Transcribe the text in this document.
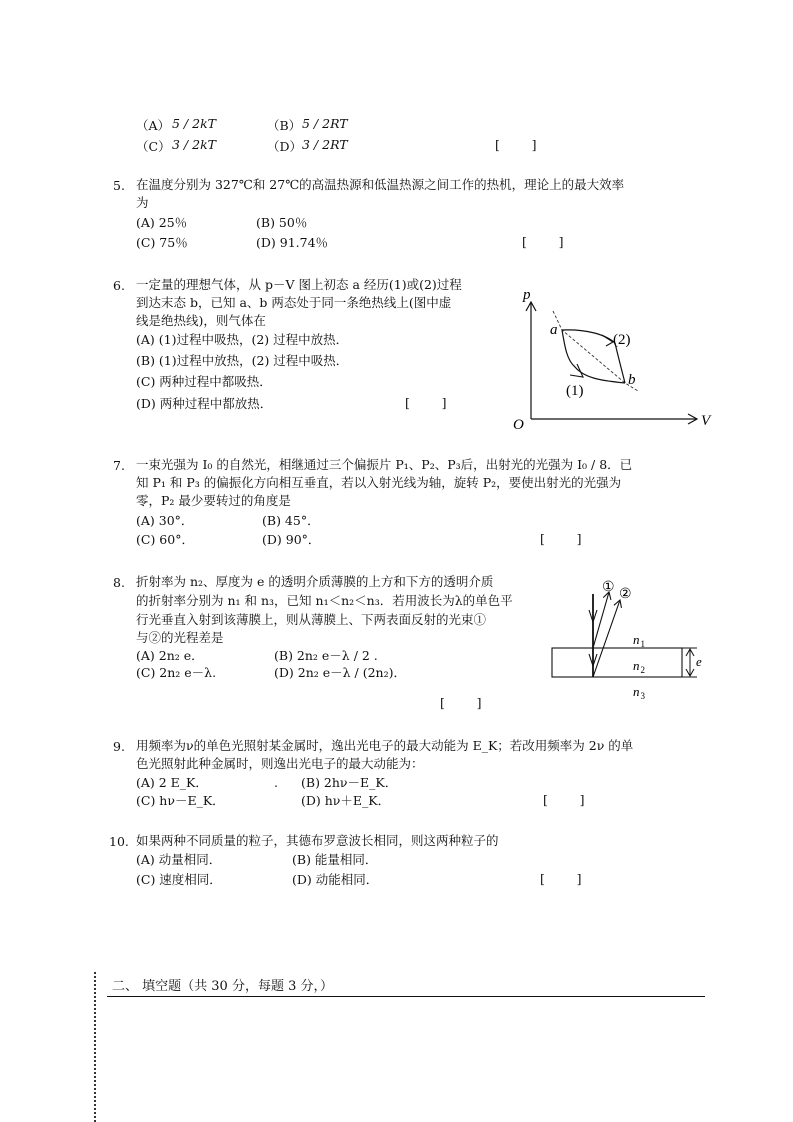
（A） 5 / 2kT	（B） 5 / 2RT
（C） 3 / 2kT	（D） 3 / 2RT	[        ]
5. 在温度分别为 327℃和 27℃的高温热源和低温热源之间工作的热机，理论上的最大效率
为
(A) 25％	(B) 50％
(C) 75％	(D) 91.74％	[        ]
6. 一定量的理想气体，从 p－V 图上初态 a 经历(1)或(2)过程
到达末态 b，已知 a、b 两态处于同一条绝热线上(图中虚
线是绝热线)，则气体在
(A) (1)过程中吸热，(2) 过程中放热．
(B) (1)过程中放热，(2) 过程中吸热．
(C) 两种过程中都吸热．
(D) 两种过程中都放热．	[        ]
p
V
O
a
b
(2)
(1)
7. 一束光强为 I₀ 的自然光，相继通过三个偏振片 P₁、P₂、P₃后，出射光的光强为 I₀ / 8．已
知 P₁ 和 P₃ 的偏振化方向相互垂直，若以入射光线为轴，旋转 P₂，要使出射光的光强为
零，P₂ 最少要转过的角度是
(A) 30°．	(B) 45°．
(C) 60°．	(D) 90°．	[        ]
8. 折射率为 n₂、厚度为 e 的透明介质薄膜的上方和下方的透明介质
的折射率分别为 n₁ 和 n₃，已知 n₁＜n₂＜n₃．若用波长为λ的单色平
行光垂直入射到该薄膜上，则从薄膜上、下两表面反射的光束①
与②的光程差是
(A) 2n₂ e．	(B) 2n₂ e－λ / 2 .
(C) 2n₂ e－λ.	(D) 2n₂ e－λ / (2n₂)．
[        ]
① ②
e
$n_1$
$n_2$
$n_3$
9. 用频率为ν的单色光照射某金属时，逸出光电子的最大动能为 E_K；若改用频率为 2ν 的单
色光照射此种金属时，则逸出光电子的最大动能为：
(A) 2 E_K．	. (B) 2hν－E_K．
(C) hν－E_K．	(D) hν＋E_K．	[        ]
10. 如果两种不同质量的粒子，其德布罗意波长相同，则这两种粒子的
(A) 动量相同．	(B) 能量相同．
(C) 速度相同．	(D) 动能相同．	[        ]
二、 填空题（共 30 分，每题 3 分，）
